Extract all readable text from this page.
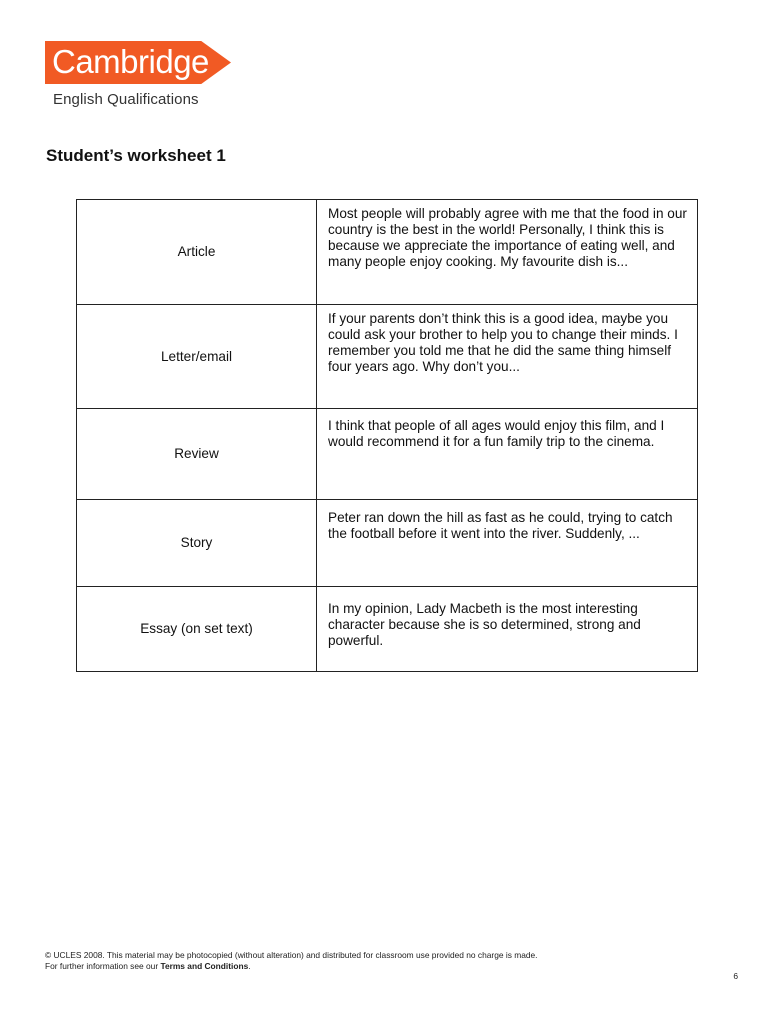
Cambridge
English Qualifications
Student’s worksheet 1
Article	Most people will probably agree with me that the food in our country is the best in the world! Personally, I think this is because we appreciate the importance of eating well, and many people enjoy cooking. My favourite dish is...
Letter/email	If your parents don’t think this is a good idea, maybe you could ask your brother to help you to change their minds. I remember you told me that he did the same thing himself four years ago. Why don’t you...
Review	I think that people of all ages would enjoy this film, and I would recommend it for a fun family trip to the cinema.
Story	Peter ran down the hill as fast as he could, trying to catch the football before it went into the river. Suddenly, ...
Essay (on set text)	In my opinion, Lady Macbeth is the most interesting character because she is so determined, strong and powerful.
© UCLES 2008. This material may be photocopied (without alteration) and distributed for classroom use provided no charge is made.
For further information see our Terms and Conditions.
6
